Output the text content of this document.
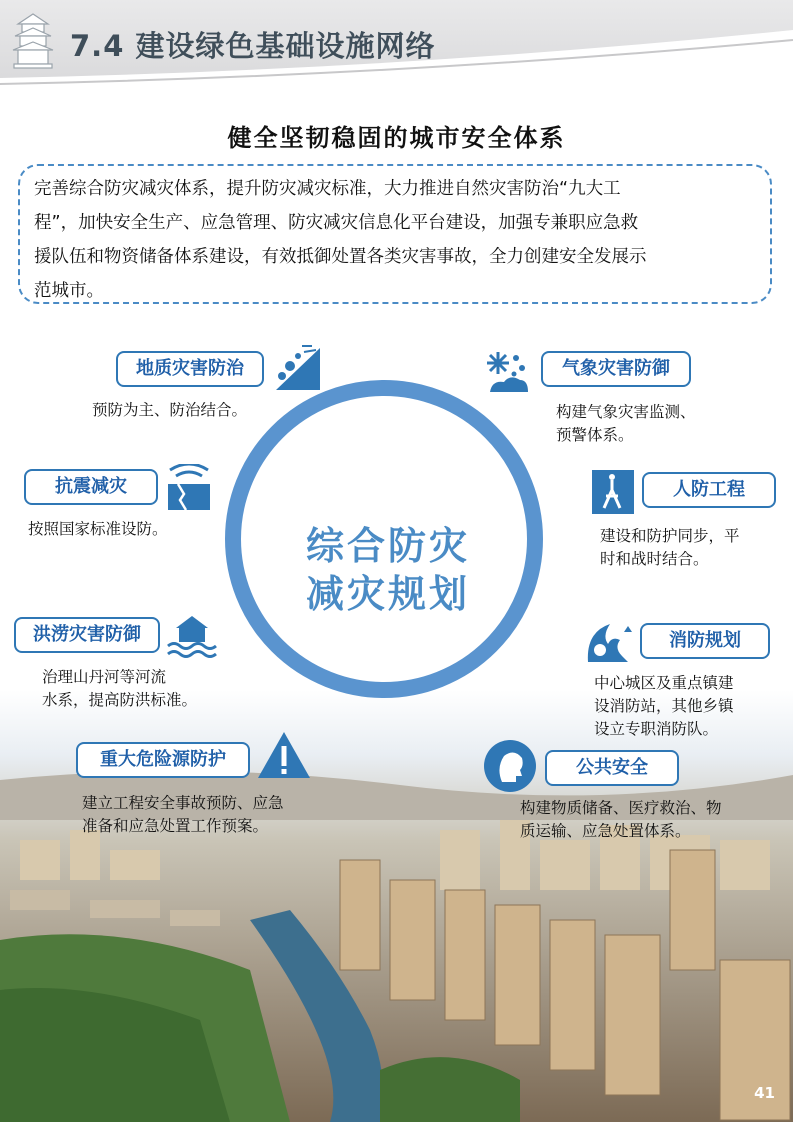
7.4 建设绿色基础设施网络
健全坚韧稳固的城市安全体系
完善综合防灾减灾体系，提升防灾减灾标准，大力推进自然灾害防治“九大工
程”，加快安全生产、应急管理、防灾减灾信息化平台建设，加强专兼职应急救
援队伍和物资储备体系建设，有效抵御处置各类灾害事故，全力创建安全发展示
范城市。
综合防灾
减灾规划
地质灾害防治
预防为主、防治结合。
抗震减灾
按照国家标准设防。
洪涝灾害防御
治理山丹河等河流
水系，提高防洪标准。
重大危险源防护
建立工程安全事故预防、应急
准备和应急处置工作预案。
气象灾害防御
构建气象灾害监测、
预警体系。
人防工程
建设和防护同步，平
时和战时结合。
消防规划
中心城区及重点镇建
设消防站，其他乡镇
设立专职消防队。
公共安全
构建物质储备、医疗救治、物
质运输、应急处置体系。
41
